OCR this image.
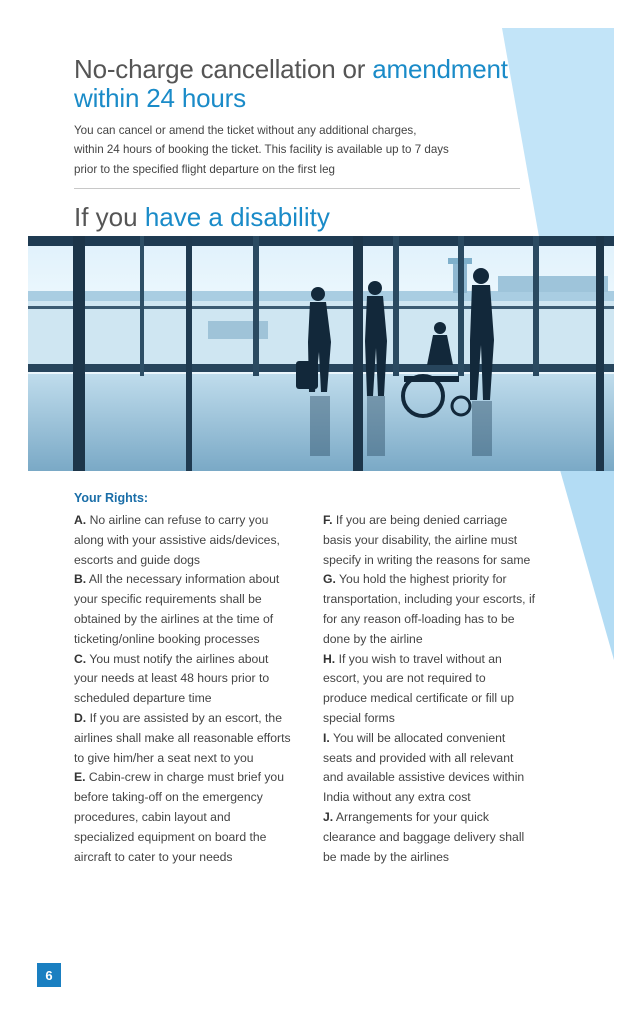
No-charge cancellation or amendment within 24 hours

You can cancel or amend the ticket without any additional charges,
within 24 hours of booking the ticket. This facility is available up to 7 days
prior to the specified flight departure on the first leg

If you have a disability

Your Rights:

A. No airline can refuse to carry you
along with your assistive aids/devices,
escorts and guide dogs

B. All the necessary information about
your specific requirements shall be
obtained by the airlines at the time of
ticketing/online booking processes

C. You must notify the airlines about
your needs at least 48 hours prior to
scheduled departure time

D. If you are assisted by an escort, the
airlines shall make all reasonable efforts
to give him/her a seat next to you

E. Cabin-crew in charge must brief you
before taking-off on the emergency
procedures, cabin layout and
specialized equipment on board the
aircraft to cater to your needs

F. If you are being denied carriage
basis your disability, the airline must
specify in writing the reasons for same

G. You hold the highest priority for
transportation, including your escorts, if
for any reason off-loading has to be
done by the airline

H. If you wish to travel without an
escort, you are not required to
produce medical certificate or fill up
special forms

I. You will be allocated convenient
seats and provided with all relevant
and available assistive devices within
India without any extra cost

J. Arrangements for your quick
clearance and baggage delivery shall
be made by the airlines

6
